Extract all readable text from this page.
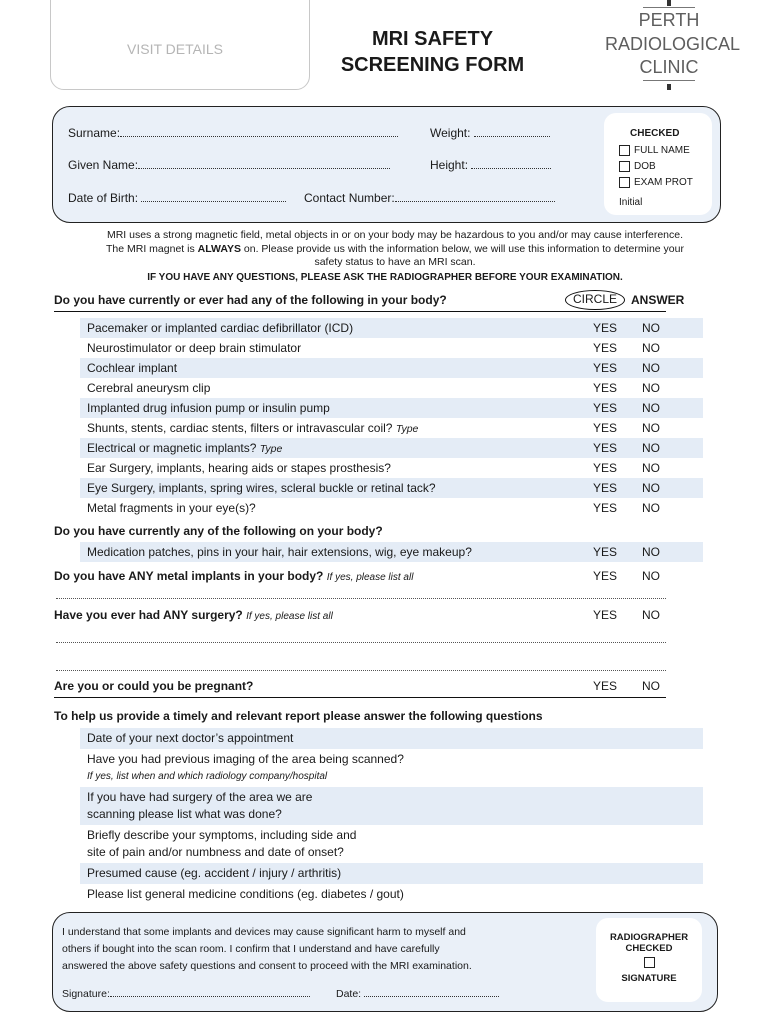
VISIT DETAILS	MRI SAFETY
SCREENING FORM
PERTH
RADIOLOGICAL
CLINIC
Surname:
Given Name:
Date of Birth:	Contact Number:
Weight:
Height:
CHECKED
FULL NAME
DOB
EXAM PROT
Initial
MRI uses a strong magnetic field, metal objects in or on your body may be hazardous to you and/or may cause interference.
The MRI magnet is ALWAYS on. Please provide us with the information below, we will use this information to determine your
safety status to have an MRI scan.
IF YOU HAVE ANY QUESTIONS, PLEASE ASK THE RADIOGRAPHER BEFORE YOUR EXAMINATION.
Do you have currently or ever had any of the following in your body?	CIRCLE	ANSWER
Pacemaker or implanted cardiac defibrillator (ICD)	YES NO
Neurostimulator or deep brain stimulator	YES NO
Cochlear implant	YES NO
Cerebral aneurysm clip	YES NO
Implanted drug infusion pump or insulin pump	YES NO
Shunts, stents, cardiac stents, filters or intravascular coil? Type	YES NO
Electrical or magnetic implants? Type	YES NO
Ear Surgery, implants, hearing aids or stapes prosthesis?	YES NO
Eye Surgery, implants, spring wires, scleral buckle or retinal tack?	YES NO
Metal fragments in your eye(s)?	YES NO
Do you have currently any of the following on your body?
Medication patches, pins in your hair, hair extensions, wig, eye makeup?	YES NO
Do you have ANY metal implants in your body? If yes, please list all	YES NO
Have you ever had ANY surgery? If yes, please list all	YES NO
Are you or could you be pregnant?	YES NO
To help us provide a timely and relevant report please answer the following questions
Date of your next doctor’s appointment
Have you had previous imaging of the area being scanned?
If yes, list when and which radiology company/hospital
If you have had surgery of the area we are
scanning please list what was done?
Briefly describe your symptoms, including side and
site of pain and/or numbness and date of onset?
Presumed cause (eg. accident / injury / arthritis)
Please list general medicine conditions (eg. diabetes / gout)
I understand that some implants and devices may cause significant harm to myself and
others if bought into the scan room. I confirm that I understand and have carefully
answered the above safety questions and consent to proceed with the MRI examination.
Signature:	Date:
RADIOGRAPHER
CHECKED
SIGNATURE
